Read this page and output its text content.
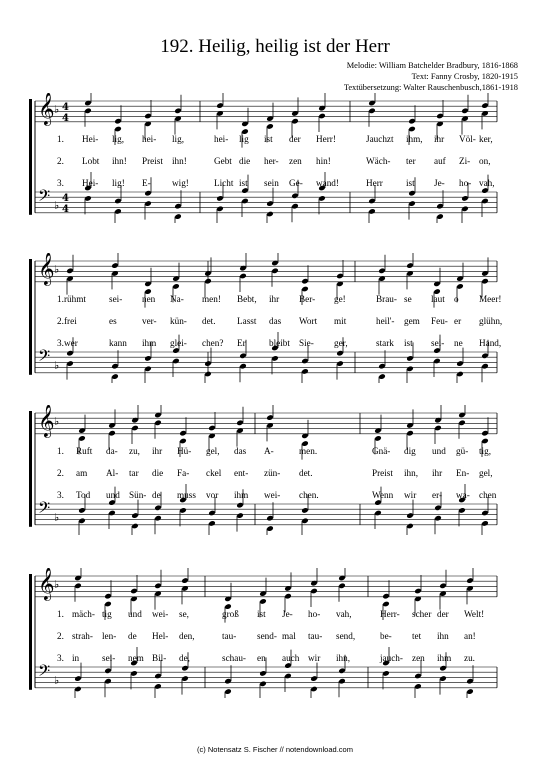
192. Heilig, heilig ist der Herr
Melodie: William Batchelder Bradbury, 1816-1868
Text: Fanny Crosby, 1820-1915
Textübersetzung: Walter Rauschenbusch,1861-1918
𝄞 ♭ 4
4
𝄢 ♭
4
4
1. Hei- lig, hei- lig,	hei- lig ist der Herr!	Jauchzt ihm, ihr Völ- ker,
2. Lobt ihn! Preist ihn!	Gebt die her- zen hin!	Wäch- ter auf Zi- on,
3. Hei- lig! E- wig!	Licht ist sein Ge- wand!	Herr	ist Je- ho- vah,
𝄞 ♭
𝄢 ♭
1. rühmt	sei- nen Na- men! Bebt, ihr Ber- ge!	Brau- se laut o Meer!
2. frei	es	ver- kün- det. Lasst das Wort mit	heil'- gem Feu- er glühn,
3. wer	kann ihm glei- chen? Er	bleibt Sie- ger,	stark ist sei- ne Hand,
𝄞 ♭
𝄢 ♭
1. Ruft da- zu, ihr Hü- gel, das A-	men.	Gnä- dig und gü- tig,
2. am Al- tar die Fa- ckel ent- zün- det.	Preist ihn, ihr En- gel,
3. Tod und Sün- de muss vor ihm wei- chen.	Wenn wir er- wa- chen
𝄞 ♭
𝄢 ♭
1. mäch- tig und wei- se,	groß ist Je- ho- vah,	Herr- scher der Welt!
2. strah- len- de Hel- den,	tau- send- mal tau- send,	be- tet ihn an!
3. in sei- nem Bil- de,	schau- en auch wir ihn,	jauch- zen ihm zu.
(c) Notensatz S. Fischer // notendownload.com
